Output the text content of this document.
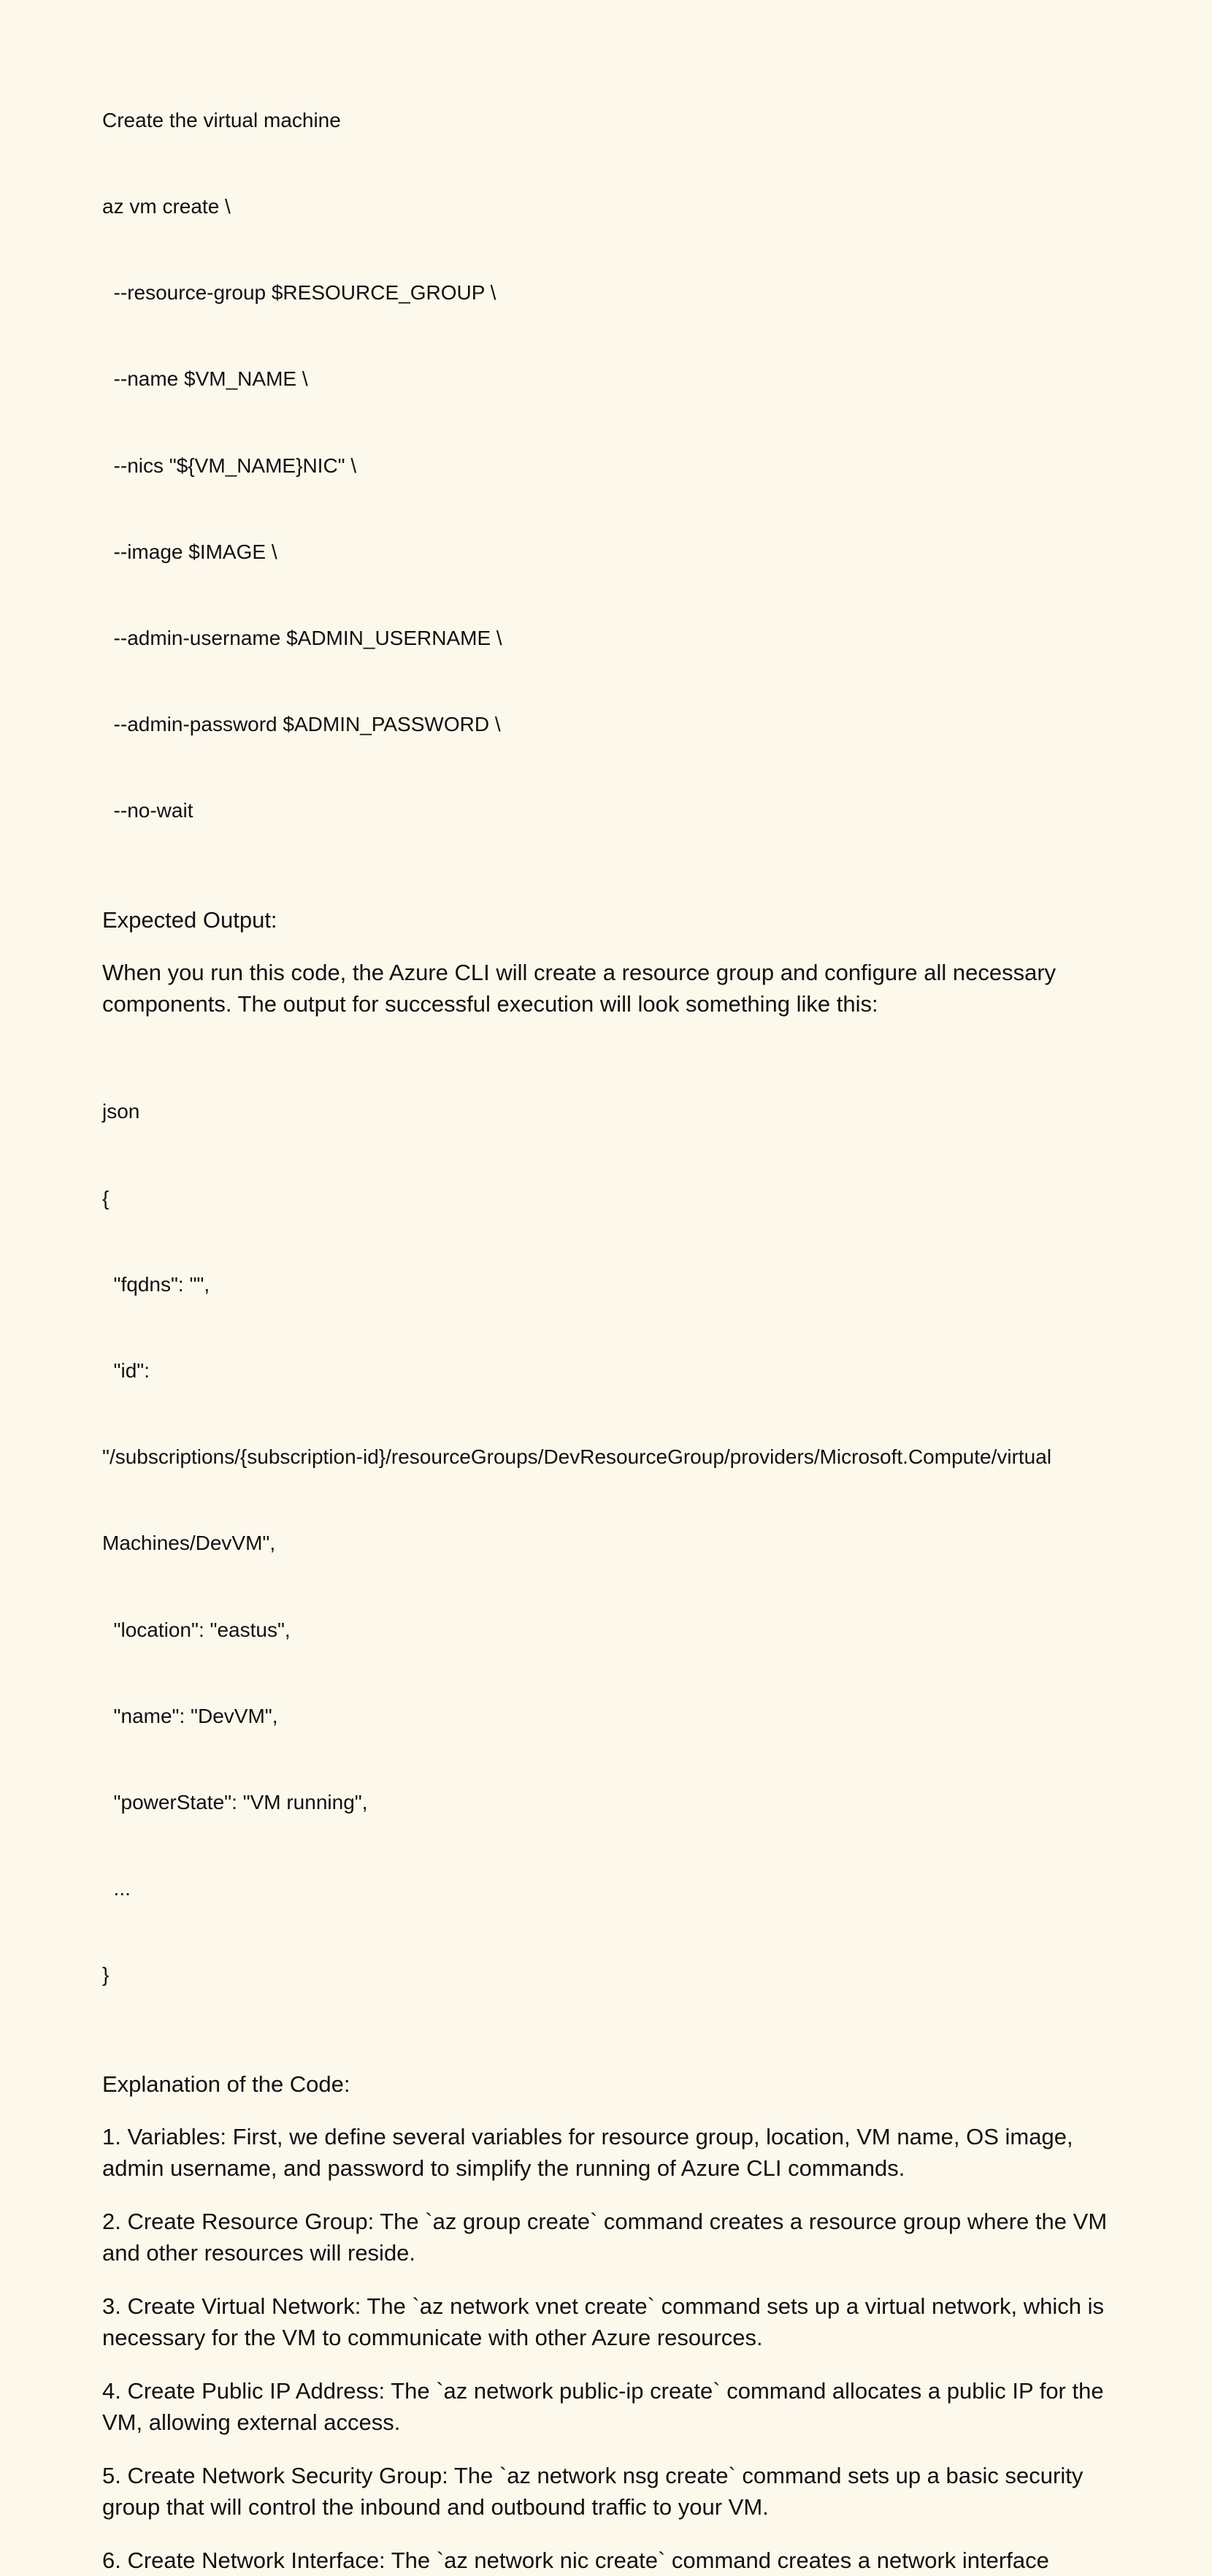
Create the virtual machine

az vm create \

--resource-group $RESOURCE_GROUP \

--name $VM_NAME \

--nics "${VM_NAME}NIC" \

--image $IMAGE \

--admin-username $ADMIN_USERNAME \

--admin-password $ADMIN_PASSWORD \

--no-wait

Expected Output:

When you run this code, the Azure CLI will create a resource group and configure all necessary components. The output for successful execution will look something like this:

json

{

"fqdns": "",

"id":

"/subscriptions/{subscription-id}/resourceGroups/DevResourceGroup/providers/Microsoft.Compute/virtual

Machines/DevVM",

"location": "eastus",

"name": "DevVM",

"powerState": "VM running",

...

}

Explanation of the Code:

1. Variables: First, we define several variables for resource group, location, VM name, OS image, admin username, and password to simplify the running of Azure CLI commands.

2. Create Resource Group: The `az group create` command creates a resource group where the VM and other resources will reside.

3. Create Virtual Network: The `az network vnet create` command sets up a virtual network, which is necessary for the VM to communicate with other Azure resources.

4. Create Public IP Address: The `az network public-ip create` command allocates a public IP for the VM, allowing external access.

5. Create Network Security Group: The `az network nsg create` command sets up a basic security group that will control the inbound and outbound traffic to your VM.

6. Create Network Interface: The `az network nic create` command creates a network interface
